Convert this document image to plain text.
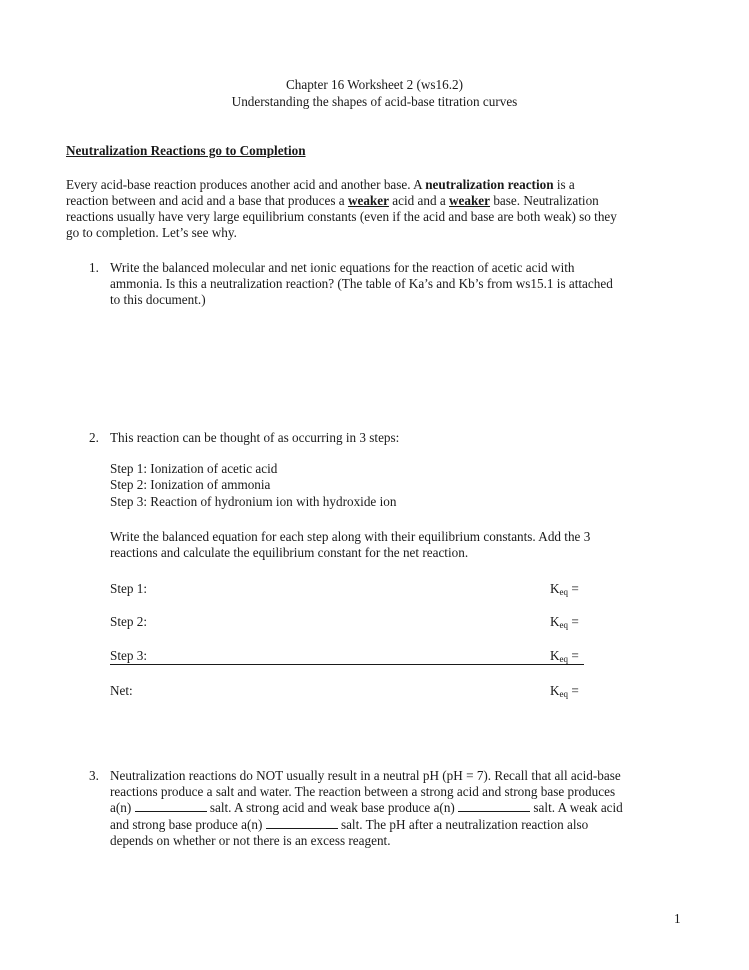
Chapter 16 Worksheet 2 (ws16.2)
Understanding the shapes of acid-base titration curves
Neutralization Reactions go to Completion
Every acid-base reaction produces another acid and another base. A neutralization reaction is a
reaction between and acid and a base that produces a weaker acid and a weaker base. Neutralization
reactions usually have very large equilibrium constants (even if the acid and base are both weak) so they
go to completion. Let’s see why.
1. Write the balanced molecular and net ionic equations for the reaction of acetic acid with
ammonia. Is this a neutralization reaction? (The table of Ka’s and Kb’s from ws15.1 is attached
to this document.)
2. This reaction can be thought of as occurring in 3 steps:
Step 1: Ionization of acetic acid
Step 2: Ionization of ammonia
Step 3: Reaction of hydronium ion with hydroxide ion
Write the balanced equation for each step along with their equilibrium constants. Add the 3
reactions and calculate the equilibrium constant for the net reaction.
Step 1:	$K_{eq}$ =
Step 2:	$K_{eq}$ =
Step 3:	$K_{eq}$ =
Net:	$K_{eq}$ =
3. Neutralization reactions do NOT usually result in a neutral pH (pH = 7). Recall that all acid-base
reactions produce a salt and water. The reaction between a strong acid and strong base produces
a(n)	salt. A strong acid and weak base produce a(n)	salt. A weak acid
and strong base produce a(n)	salt. The pH after a neutralization reaction also
depends on whether or not there is an excess reagent.
1
